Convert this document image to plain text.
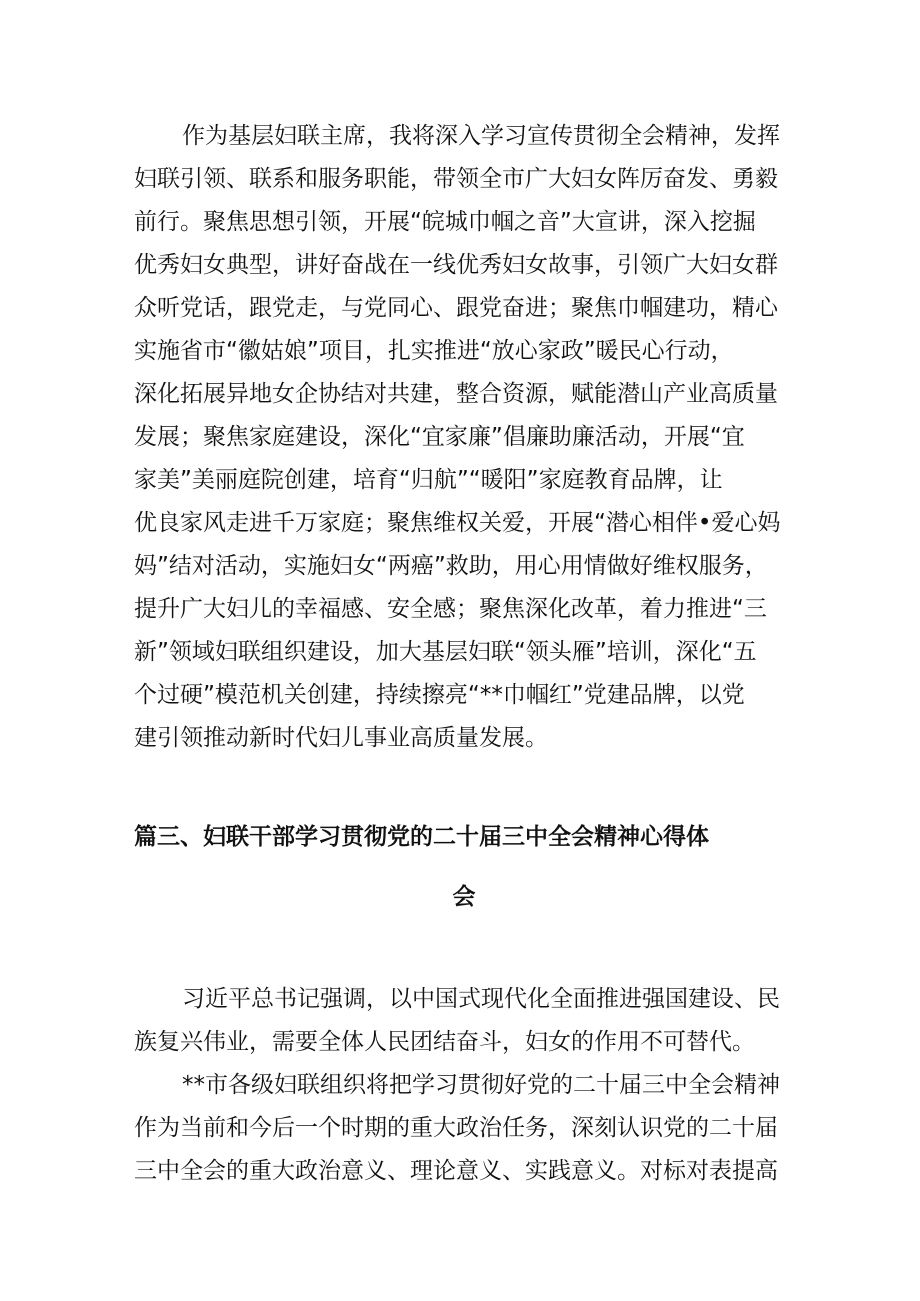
作为基层妇联主席，我将深入学习宣传贯彻全会精神，发挥
妇联引领、联系和服务职能，带领全市广大妇女阵厉奋发、勇毅
前行。聚焦思想引领，开展“皖城巾帼之音”大宣讲，深入挖掘
优秀妇女典型，讲好奋战在一线优秀妇女故事，引领广大妇女群
众听党话，跟党走，与党同心、跟党奋进；聚焦巾帼建功，精心
实施省市“徽姑娘”项目，扎实推进“放心家政”暖民心行动，
深化拓展异地女企协结对共建，整合资源，赋能潜山产业高质量
发展；聚焦家庭建设，深化“宜家廉”倡廉助廉活动，开展“宜
家美”美丽庭院创建，培育“归航”“暖阳”家庭教育品牌，让
优良家风走进千万家庭；聚焦维权关爱，开展“潜心相伴•爱心妈
妈”结对活动，实施妇女“两癌”救助，用心用情做好维权服务，
提升广大妇儿的幸福感、安全感；聚焦深化改革，着力推进“三
新”领域妇联组织建设，加大基层妇联“领头雁”培训，深化“五
个过硬”模范机关创建，持续擦亮“**巾帼红”党建品牌，以党
建引领推动新时代妇儿事业高质量发展。
篇三、妇联干部学习贯彻党的二十届三中全会精神心得体
会
习近平总书记强调，以中国式现代化全面推进强国建设、民
族复兴伟业，需要全体人民团结奋斗，妇女的作用不可替代。
**市各级妇联组织将把学习贯彻好党的二十届三中全会精神
作为当前和今后一个时期的重大政治任务，深刻认识党的二十届
三中全会的重大政治意义、理论意义、实践意义。对标对表提高
